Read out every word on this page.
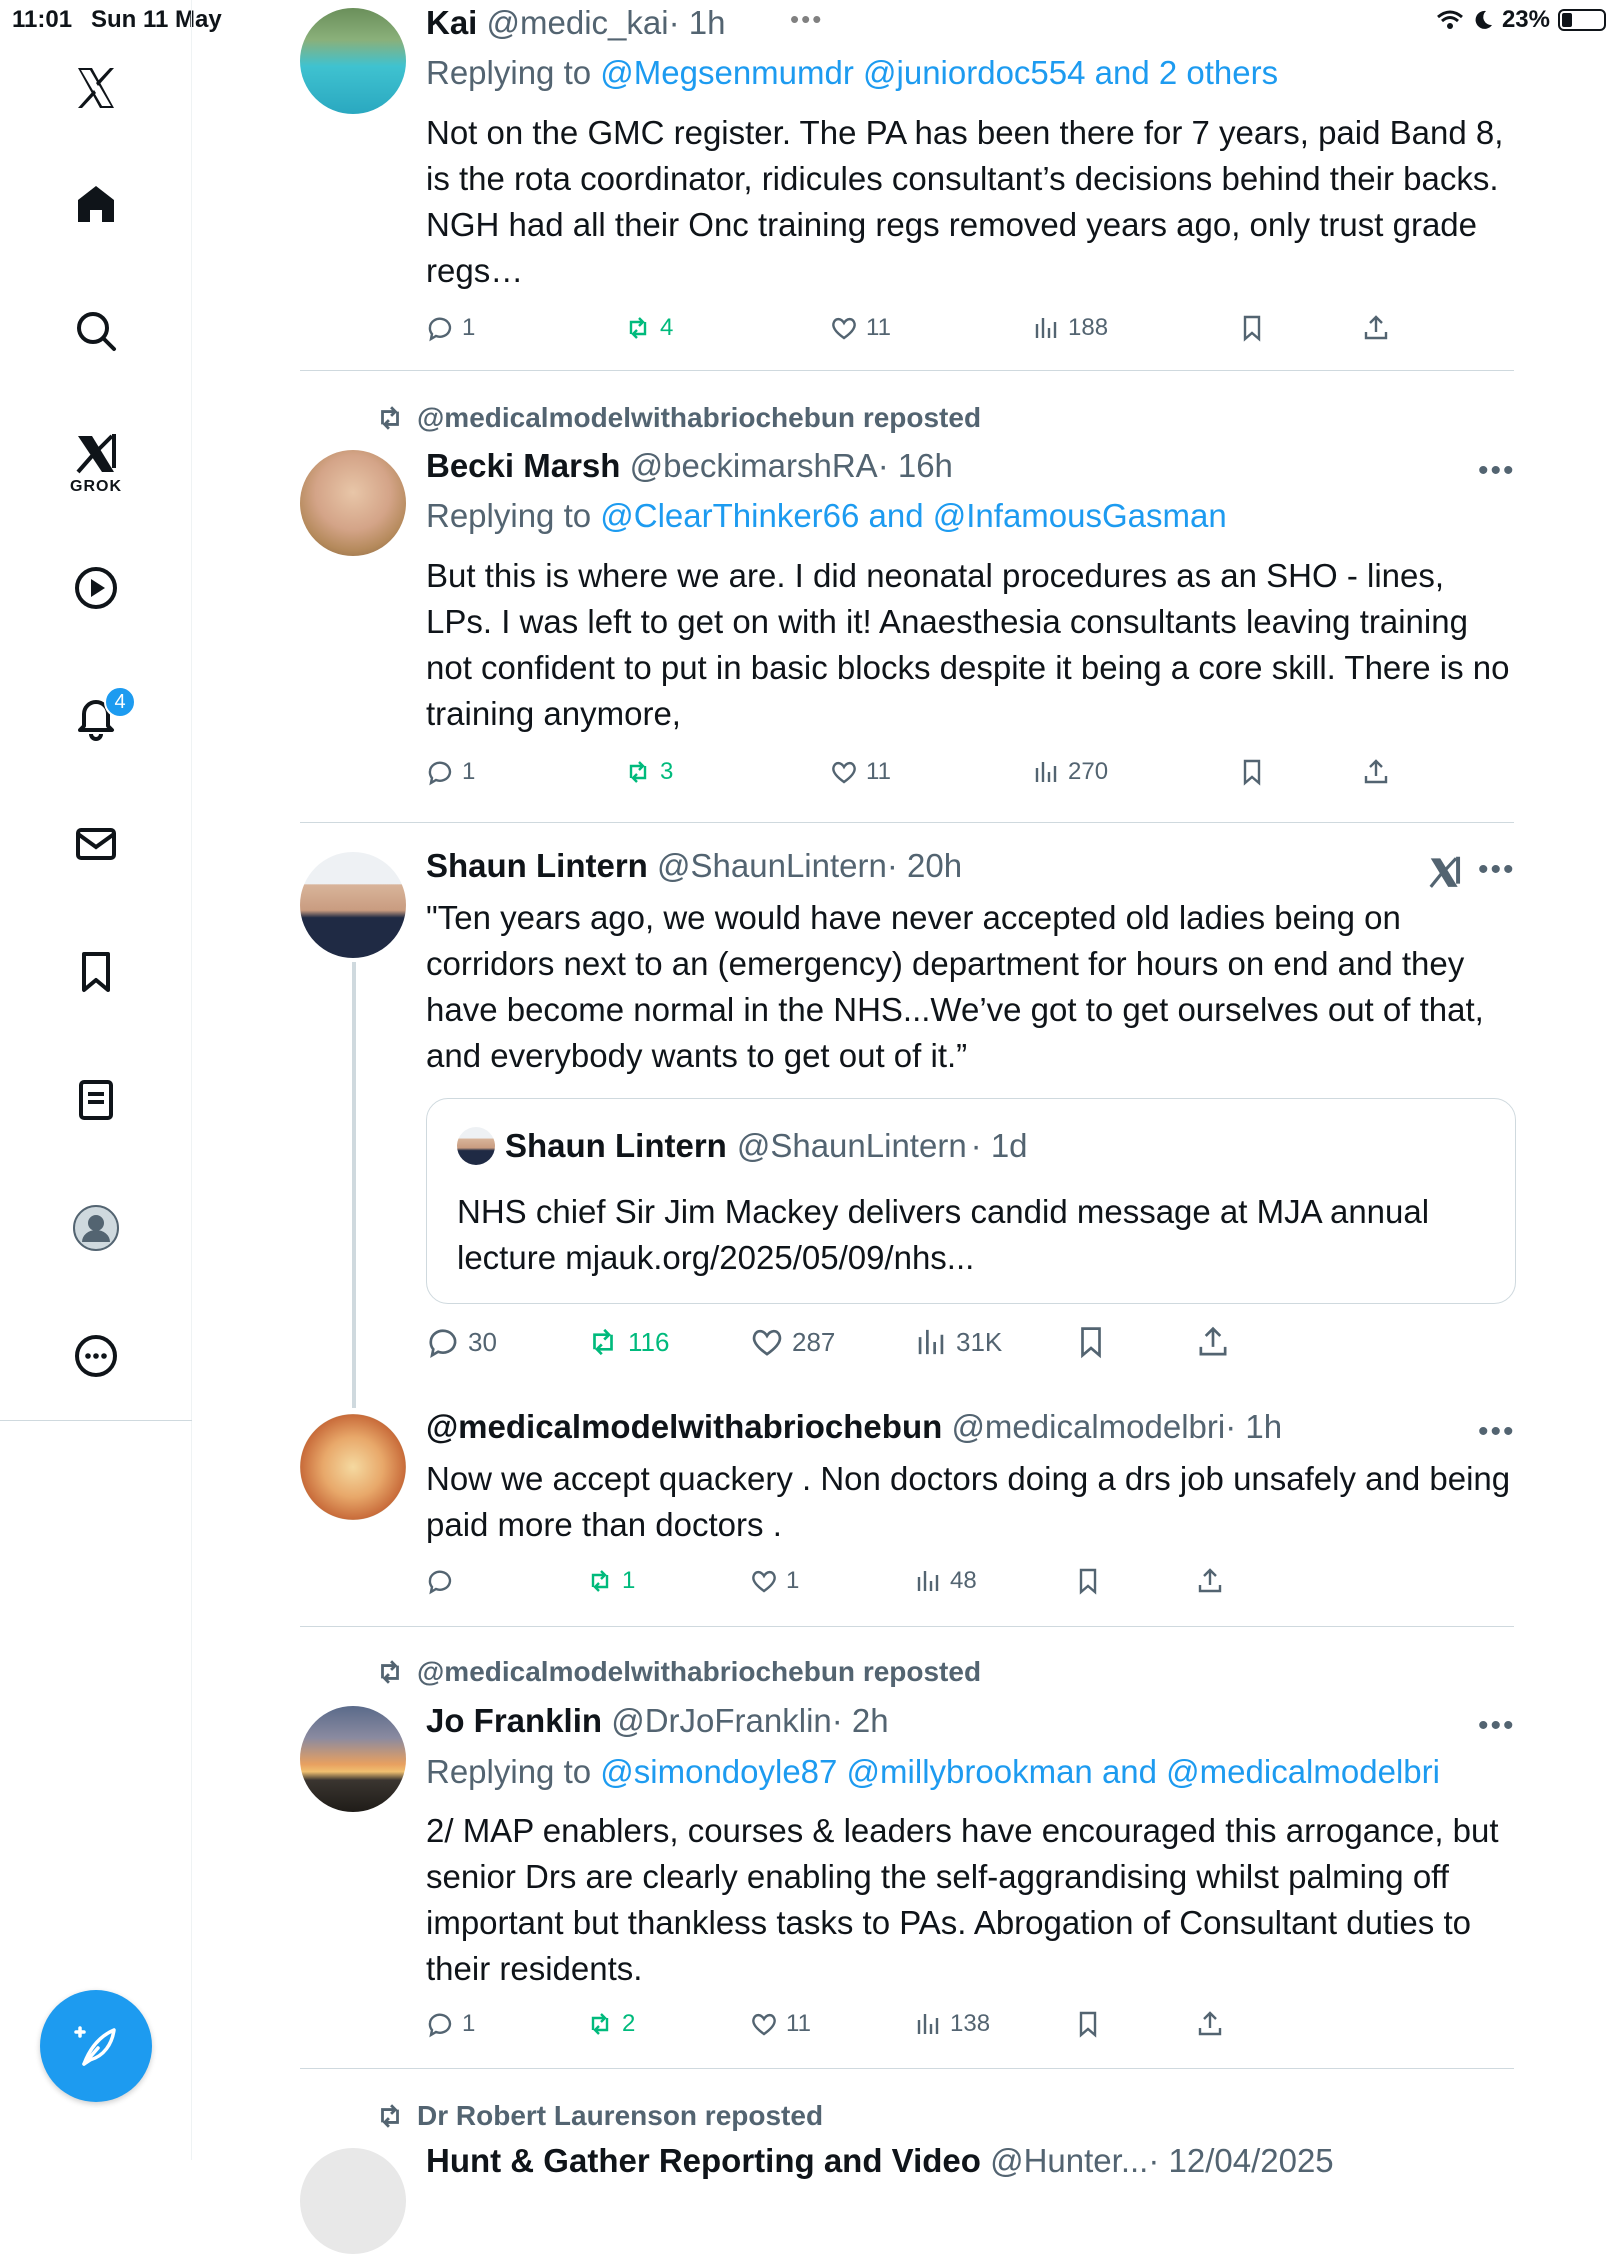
11:01 Sun 11 May	•••	23%
GROK
4
Kai @medic_kai· 1h
Replying to @Megsenmumdr @juniordoc554 and 2 others
Not on the GMC register. The PA has been there for 7 years, paid Band 8, is the rota coordinator, ridicules consultant’s decisions behind their backs. NGH had all their Onc training regs removed years ago, only trust grade regs…
1	4	11	188
@medicalmodelwithabriochebun reposted
Becki Marsh @beckimarshRA· 16h	•••
Replying to @ClearThinker66 and @InfamousGasman
But this is where we are. I did neonatal procedures as an SHO - lines, LPs. I was left to get on with it! Anaesthesia consultants leaving training not confident to put in basic blocks despite it being a core skill. There is no training anymore,
1	3	11	270
Shaun Lintern @ShaunLintern· 20h	•••
"Ten years ago, we would have never accepted old ladies being on corridors next to an (emergency) department for hours on end and they have become normal in the NHS...We’ve got to get ourselves out of that, and everybody wants to get out of it.”
Shaun Lintern @ShaunLintern · 1d
NHS chief Sir Jim Mackey delivers candid message at MJA annual lecture mjauk.org/2025/05/09/nhs...
30	116	287	31K
@medicalmodelwithabriochebun @medicalmodelbri· 1h	•••
Now we accept quackery . Non doctors doing a drs job unsafely and being paid more than doctors .
1	1	48
@medicalmodelwithabriochebun reposted
Jo Franklin @DrJoFranklin· 2h	•••
Replying to @simondoyle87 @millybrookman and @medicalmodelbri
2/ MAP enablers, courses & leaders have encouraged this arrogance, but senior Drs are clearly enabling the self-aggrandising whilst palming off important but thankless tasks to PAs. Abrogation of Consultant duties to their residents.
1	2	11	138
Dr Robert Laurenson reposted
Hunt & Gather Reporting and Video @Hunter...· 12/04/2025
